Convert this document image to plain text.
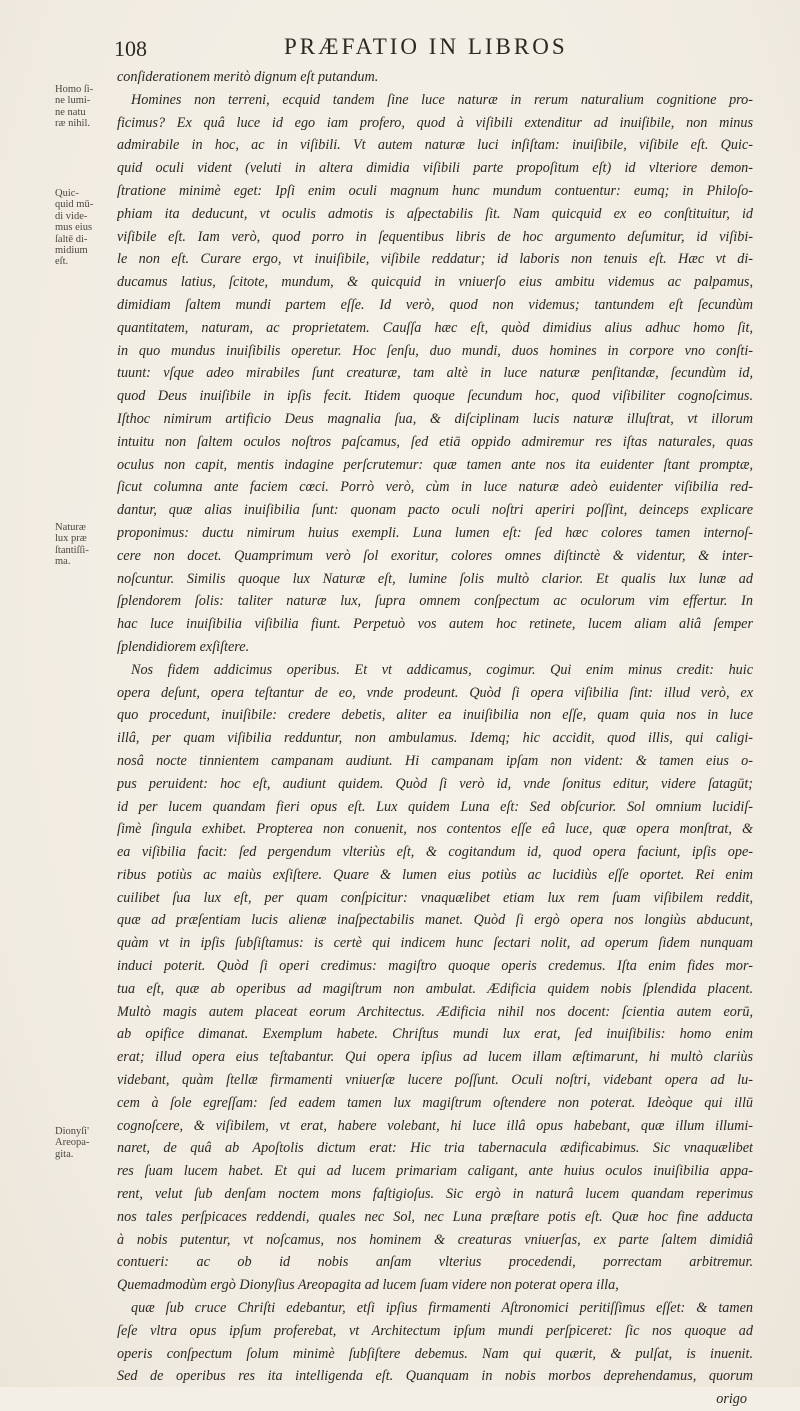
108	PRÆFATIO IN LIBROS
Homo ſi-
ne lumi-
ne natu
ræ nihil.
Quic-
quid mū-
di vide-
mus eius
ſaltē di-
midium
eſt.
Naturæ
lux præ
ſtantiſſi-
ma.
Dionyſi'
Areopa-
gita.
conſiderationem meritò dignum eſt putandum.
Homines non terreni, ecquid tandem ſine luce naturæ in rerum naturalium cognitione pro-
ficimus? Ex quâ luce id ego iam profero, quod à viſibili extenditur ad inuiſibile, non minus
admirabile in hoc, ac in viſibili. Vt autem naturæ luci inſiſtam: inuiſibile, viſibile eſt. Quic-
quid oculi vident (veluti in altera dimidia viſibili parte propoſitum eſt) id vlteriore demon-
ſtratione minimè eget: Ipſi enim oculi magnum hunc mundum contuentur: eumq; in Philoſo-
phiam ita deducunt, vt oculis admotis is aſpectabilis ſit. Nam quicquid ex eo conſtituitur, id
viſibile eſt. Iam verò, quod porro in ſequentibus libris de hoc argumento deſumitur, id viſibi-
le non eſt. Curare ergo, vt inuiſibile, viſibile reddatur; id laboris non tenuis eſt. Hæc vt di-
ducamus latius, ſcitote, mundum, & quicquid in vniuerſo eius ambitu videmus ac palpamus,
dimidiam ſaltem mundi partem eſſe. Id verò, quod non videmus; tantundem eſt ſecundùm
quantitatem, naturam, ac proprietatem. Cauſſa hæc eſt, quòd dimidius alius adhuc homo ſit,
in quo mundus inuiſibilis operetur. Hoc ſenſu, duo mundi, duos homines in corpore vno conſti-
tuunt: vſque adeo mirabiles ſunt creaturæ, tam altè in luce naturæ penſitandæ, ſecundùm id,
quod Deus inuiſibile in ipſis fecit. Itidem quoque ſecundum hoc, quod viſibiliter cognoſcimus.
Iſthoc nimirum artificio Deus magnalia ſua, & diſciplinam lucis naturæ illuſtrat, vt illorum
intuitu non ſaltem oculos noſtros paſcamus, ſed etiā oppido admiremur res iſtas naturales, quas
oculus non capit, mentis indagine perſcrutemur: quæ tamen ante nos ita euidenter ſtant promptæ,
ſicut columna ante faciem cœci. Porrò verò, cùm in luce naturæ adeò euidenter viſibilia red-
dantur, quæ alias inuiſibilia ſunt: quonam pacto oculi noſtri aperiri poſſint, deinceps explicare
proponimus: ductu nimirum huius exempli. Luna lumen eſt: ſed hæc colores tamen internoſ-
cere non docet. Quamprimum verò ſol exoritur, colores omnes diſtinctè & videntur, & inter-
noſcuntur. Similis quoque lux Naturæ eſt, lumine ſolis multò clarior. Et qualis lux lunæ ad
ſplendorem ſolis: taliter naturæ lux, ſupra omnem conſpectum ac oculorum vim effertur. In
hac luce inuiſibilia viſibilia fiunt. Perpetuò vos autem hoc retinete, lucem aliam aliâ ſemper
ſplendidiorem exſiſtere.
Nos fidem addicimus operibus. Et vt addicamus, cogimur. Qui enim minus credit: huic
opera deſunt, opera teſtantur de eo, vnde prodeunt. Quòd ſi opera viſibilia ſint: illud verò, ex
quo procedunt, inuiſibile: credere debetis, aliter ea inuiſibilia non eſſe, quam quia nos in luce
illâ, per quam viſibilia redduntur, non ambulamus. Idemq; hic accidit, quod illis, qui caligi-
nosâ nocte tinnientem campanam audiunt. Hi campanam ipſam non vident: & tamen eius o-
pus peruident: hoc eſt, audiunt quidem. Quòd ſi verò id, vnde ſonitus editur, videre ſatagūt;
id per lucem quandam fieri opus eſt. Lux quidem Luna eſt: Sed obſcurior. Sol omnium lucidiſ-
ſimè ſingula exhibet. Propterea non conuenit, nos contentos eſſe eâ luce, quæ opera monſtrat, &
ea viſibilia facit: ſed pergendum vlteriùs eſt, & cogitandum id, quod opera faciunt, ipſis ope-
ribus potiùs ac maiùs exſiſtere. Quare & lumen eius potiùs ac lucidiùs eſſe oportet. Rei enim
cuilibet ſua lux eſt, per quam conſpicitur: vnaquælibet etiam lux rem ſuam viſibilem reddit,
quæ ad præſentiam lucis alienæ inaſpectabilis manet. Quòd ſi ergò opera nos longiùs abducunt,
quàm vt in ipſis ſubſiſtamus: is certè qui indicem hunc ſectari nolit, ad operum ſidem nunquam
induci poterit. Quòd ſi operi credimus: magiſtro quoque operis credemus. Iſta enim fides mor-
tua eſt, quæ ab operibus ad magiſtrum non ambulat. Ædificia quidem nobis ſplendida placent.
Multò magis autem placeat eorum Architectus. Ædificia nihil nos docent: ſcientia autem eorū,
ab opifice dimanat. Exemplum habete. Chriſtus mundi lux erat, ſed inuiſibilis: homo enim
erat; illud opera eius teſtabantur. Qui opera ipſius ad lucem illam æſtimarunt, hi multò clariùs
videbant, quàm ſtellæ firmamenti vniuerſæ lucere poſſunt. Oculi noſtri, videbant opera ad lu-
cem à ſole egreſſam: ſed eadem tamen lux magiſtrum oſtendere non poterat. Ideòque qui illū
cognoſcere, & viſibilem, vt erat, habere volebant, hi luce illâ opus habebant, quæ illum illumi-
naret, de quâ ab Apoſtolis dictum erat: Hic tria tabernacula ædificabimus. Sic vnaquælibet
res ſuam lucem habet. Et qui ad lucem primariam caligant, ante huius oculos inuiſibilia appa-
rent, velut ſub denſam noctem mons faſtigioſus. Sic ergò in naturâ lucem quandam reperimus
nos tales perſpicaces reddendi, quales nec Sol, nec Luna præſtare potis eſt. Quæ hoc fine adducta
à nobis putentur, vt noſcamus, nos hominem & creaturas vniuerſas, ex parte ſaltem dimidiâ
contueri: ac ob id nobis anſam vlterius procedendi, porrectam arbitremur.
Quemadmodùm ergò Dionyſius Areopagita ad lucem ſuam videre non poterat opera illa,
quæ ſub cruce Chriſti edebantur, etſi ipſius firmamenti Aſtronomici peritiſſimus eſſet: & tamen
ſeſe vltra opus ipſum proferebat, vt Architectum ipſum mundi perſpiceret: ſic nos quoque ad
operis conſpectum ſolum minimè ſubſiſtere debemus. Nam qui quærit, & pulſat, is inuenit.
Sed de operibus res ita intelligenda eſt. Quanquam in nobis morbos deprehendamus, quorum
origo
